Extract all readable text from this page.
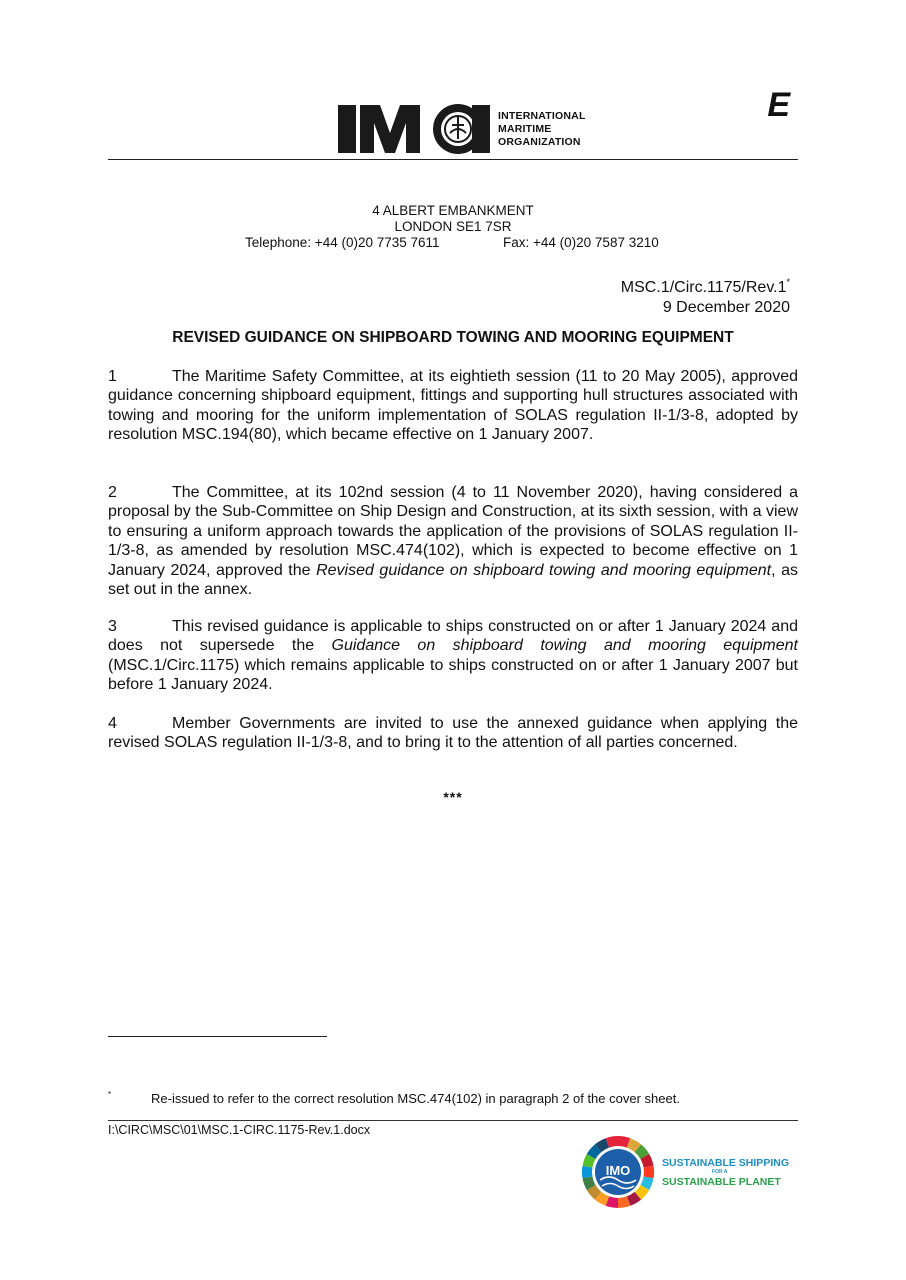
INTERNATIONAL
MARITIME
ORGANIZATION
E
4 ALBERT EMBANKMENT
LONDON SE1 7SR
Telephone: +44 (0)20 7735 7611	Fax: +44 (0)20 7587 3210
MSC.1/Circ.1175/Rev.1*
9 December 2020
REVISED GUIDANCE ON SHIPBOARD TOWING AND MOORING EQUIPMENT

1	The Maritime Safety Committee, at its eightieth session (11 to 20 May 2005), approved guidance concerning shipboard equipment, fittings and supporting hull structures associated with towing and mooring for the uniform implementation of SOLAS regulation II-1/3-8, adopted by resolution MSC.194(80), which became effective on 1 January 2007.

2	The Committee, at its 102nd session (4 to 11 November 2020), having considered a proposal by the Sub-Committee on Ship Design and Construction, at its sixth session, with a view to ensuring a uniform approach towards the application of the provisions of SOLAS regulation II-1/3-8, as amended by resolution MSC.474(102), which is expected to become effective on 1 January 2024, approved the Revised guidance on shipboard towing and mooring equipment, as set out in the annex.

3	This revised guidance is applicable to ships constructed on or after 1 January 2024 and does not supersede the Guidance on shipboard towing and mooring equipment (MSC.1/Circ.1175) which remains applicable to ships constructed on or after 1 January 2007 but before 1 January 2024.

4	Member Governments are invited to use the annexed guidance when applying the revised SOLAS regulation II-1/3-8, and to bring it to the attention of all parties concerned.

***
*	Re-issued to refer to the correct resolution MSC.474(102) in paragraph 2 of the cover sheet.
I:\CIRC\MSC\01\MSC.1-CIRC.1175-Rev.1.docx
IMO
SUSTAINABLE SHIPPING
FOR A
SUSTAINABLE PLANET
